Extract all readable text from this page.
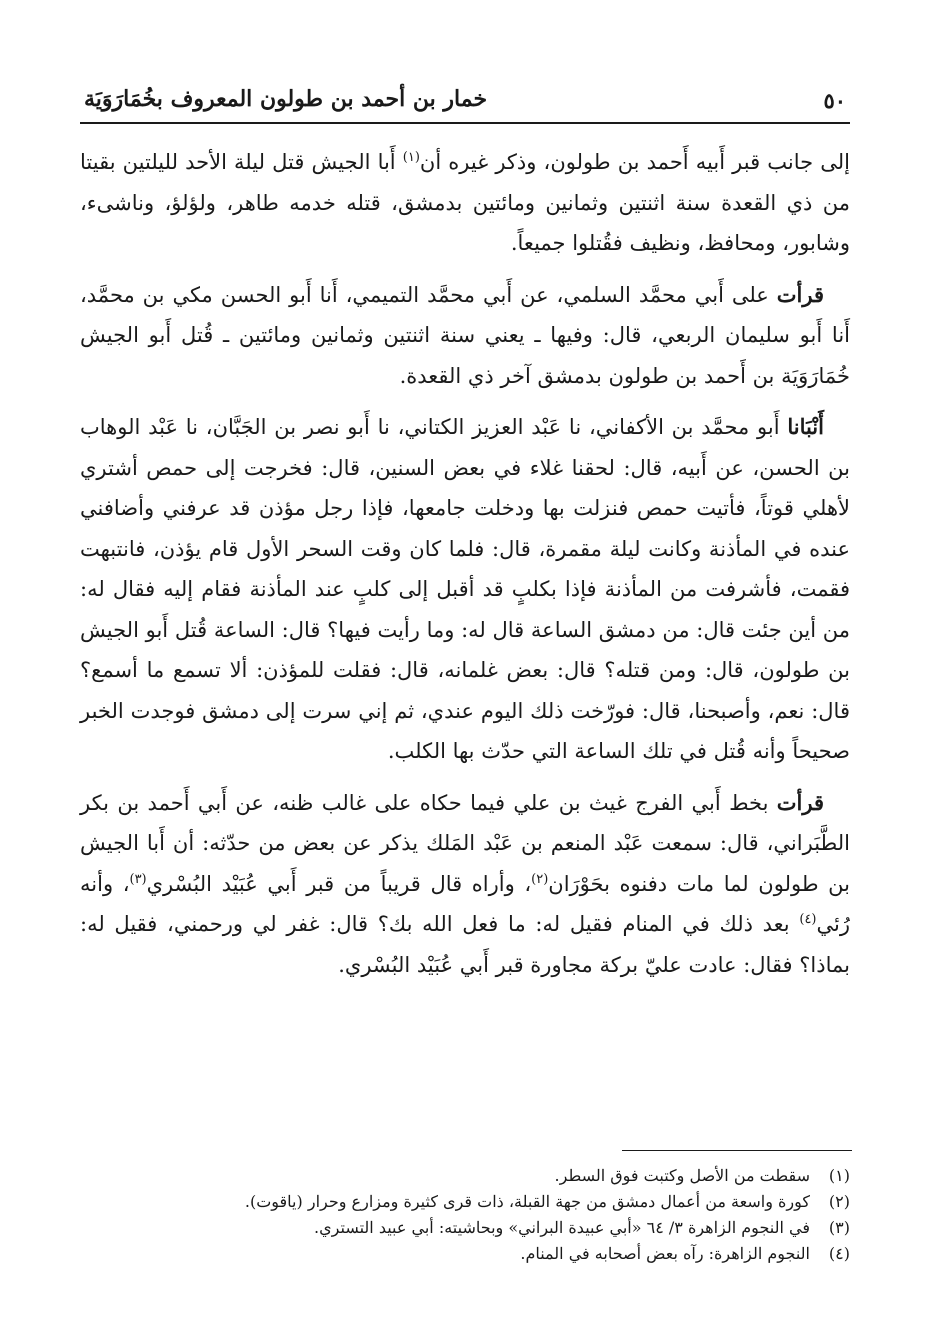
٥٠
خمار بن أحمد بن طولون المعروف بخُمَارَوَيَة

إلى جانب قبر أَبيه أَحمد بن طولون، وذكر غيره أن$^{(١)}$ أَبا الجيش قتل ليلة الأحد لليلتين بقيتا من ذي القعدة سنة اثنتين وثمانين ومائتين بدمشق، قتله خدمه طاهر، ولؤلؤ، وناشىء، وشابور، ومحافظ، ونظيف فقُتلوا جميعاً.

قرأت على أَبي محمَّد السلمي، عن أَبي محمَّد التميمي، أَنا أَبو الحسن مكي بن محمَّد، أَنا أَبو سليمان الربعي، قال: وفيها ـ يعني سنة اثنتين وثمانين ومائتين ـ قُتل أَبو الجيش خُمَارَوَيَة بن أَحمد بن طولون بدمشق آخر ذي القعدة.

أَنْبَانا أَبو محمَّد بن الأكفاني، نا عَبْد العزيز الكتاني، نا أَبو نصر بن الجَبَّان، نا عَبْد الوهاب بن الحسن، عن أَبيه، قال: لحقنا غلاء في بعض السنين، قال: فخرجت إلى حمص أشتري لأهلي قوتاً، فأتيت حمص فنزلت بها ودخلت جامعها، فإذا رجل مؤذن قد عرفني وأضافني عنده في المأذنة وكانت ليلة مقمرة، قال: فلما كان وقت السحر الأول قام يؤذن، فانتبهت فقمت، فأشرفت من المأذنة فإذا بكلبٍ قد أقبل إلى كلبٍ عند المأذنة فقام إليه فقال له: من أين جئت قال: من دمشق الساعة قال له: وما رأيت فيها؟ قال: الساعة قُتل أَبو الجيش بن طولون، قال: ومن قتله؟ قال: بعض غلمانه، قال: فقلت للمؤذن: ألا تسمع ما أسمع؟ قال: نعم، وأصبحنا، قال: فورّخت ذلك اليوم عندي، ثم إني سرت إلى دمشق فوجدت الخبر صحيحاً وأنه قُتل في تلك الساعة التي حدّث بها الكلب.

قرأت بخط أَبي الفرج غيث بن علي فيما حكاه على غالب ظنه، عن أَبي أَحمد بن بكر الطَّبَراني، قال: سمعت عَبْد المنعم بن عَبْد المَلك يذكر عن بعض من حدّثه: أن أَبا الجيش بن طولون لما مات دفنوه بحَوْرَان$^{(٢)}$، وأراه قال قريباً من قبر أَبي عُبَيْد البُسْري$^{(٣)}$، وأنه رُئي$^{(٤)}$ بعد ذلك في المنام فقيل له: ما فعل الله بك؟ قال: غفر لي ورحمني، فقيل له: بماذا؟ فقال: عادت عليّ بركة مجاورة قبر أَبي عُبَيْد البُسْري.

(١)سقطت من الأصل وكتبت فوق السطر.
(٢)كورة واسعة من أعمال دمشق من جهة القبلة، ذات قرى كثيرة ومزارع وحرار (ياقوت).
(٣)في النجوم الزاهرة ٣/ ٦٤ «أبي عبيدة البراني» وبحاشيته: أبي عبيد التستري.
(٤)النجوم الزاهرة: رآه بعض أصحابه في المنام.
